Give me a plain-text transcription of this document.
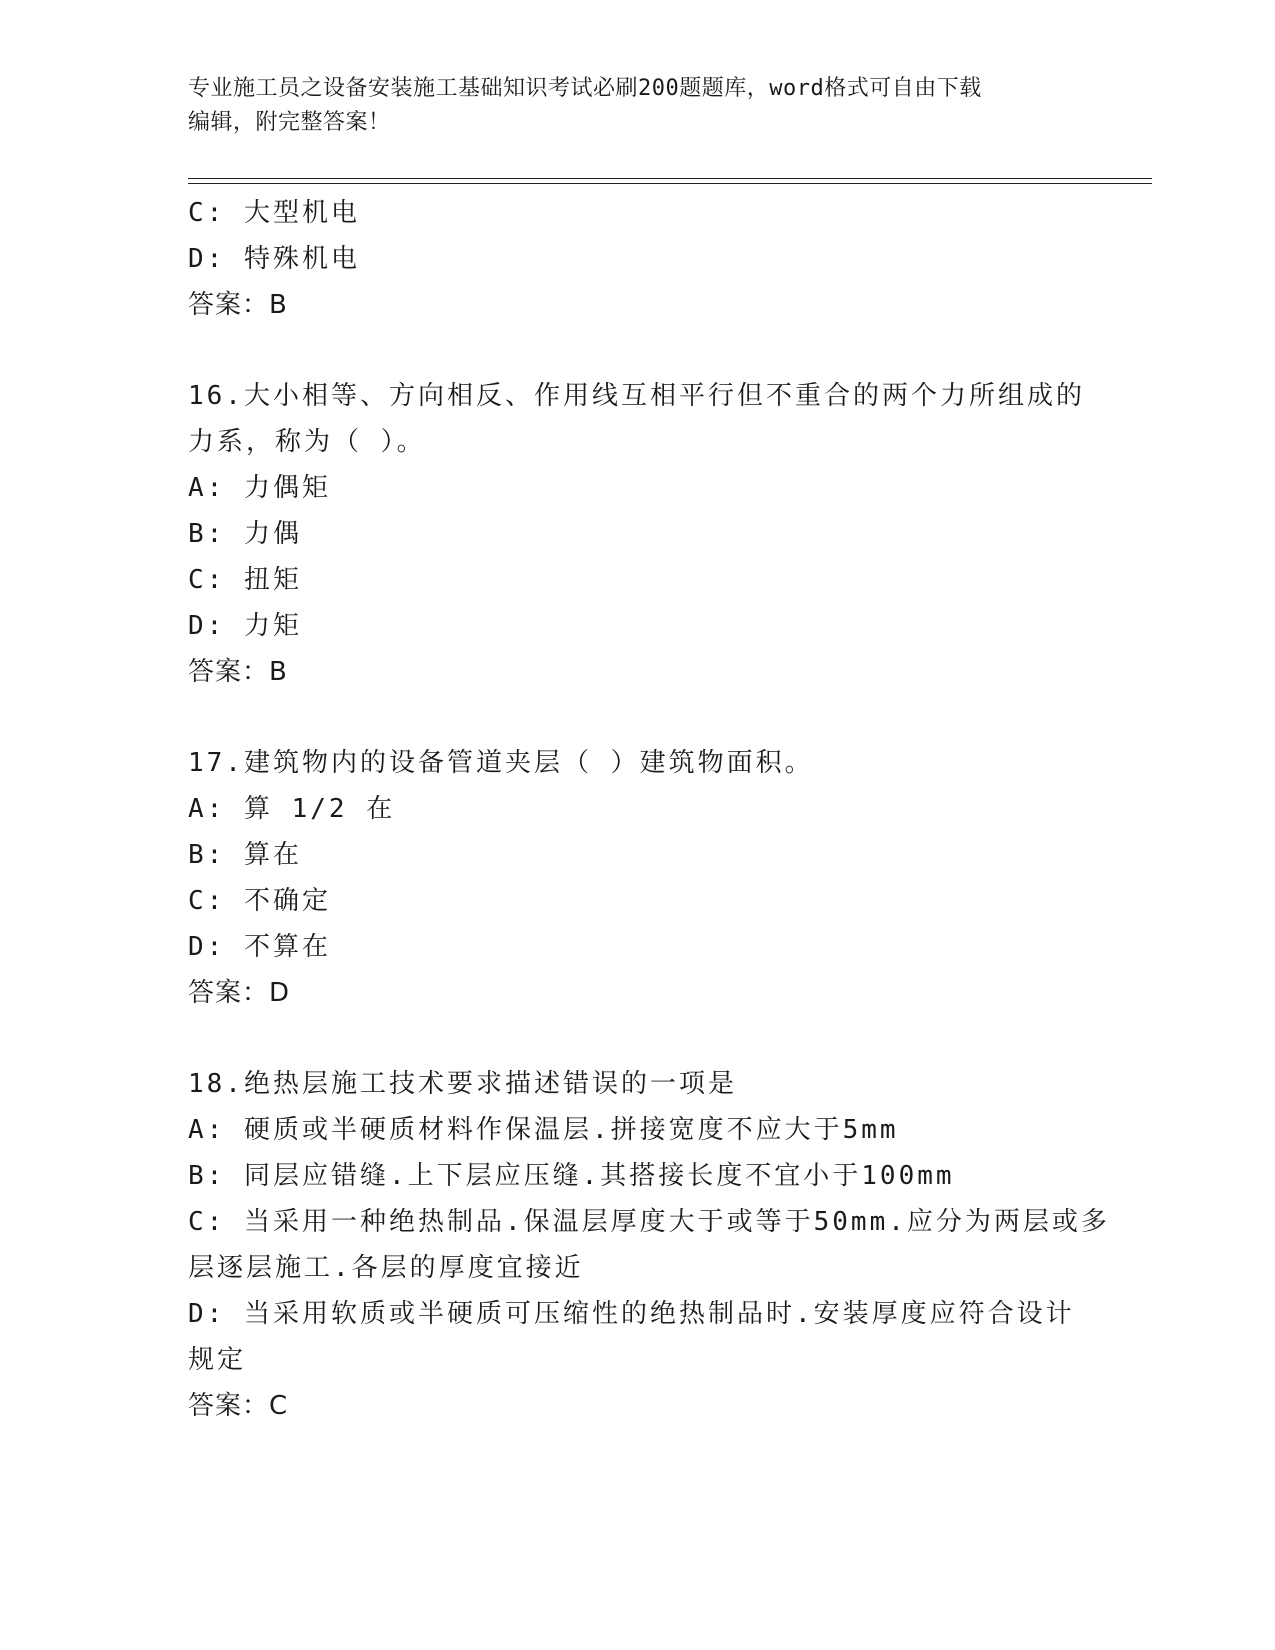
专业施工员之设备安装施工基础知识考试必刷200题题库，word格式可自由下载
编辑，附完整答案！
C: 大型机电
D: 特殊机电
答案：B
16.大小相等、方向相反、作用线互相平行但不重合的两个力所组成的
力系，称为（ ）。
A: 力偶矩
B: 力偶
C: 扭矩
D: 力矩
答案：B
17.建筑物内的设备管道夹层（ ）建筑物面积。
A: 算 1/2 在
B: 算在
C: 不确定
D: 不算在
答案：D
18.绝热层施工技术要求描述错误的一项是
A: 硬质或半硬质材料作保温层.拼接宽度不应大于5mm
B: 同层应错缝.上下层应压缝.其搭接长度不宜小于100mm
C: 当采用一种绝热制品.保温层厚度大于或等于50mm.应分为两层或多
层逐层施工.各层的厚度宜接近
D: 当采用软质或半硬质可压缩性的绝热制品时.安装厚度应符合设计
规定
答案：C
